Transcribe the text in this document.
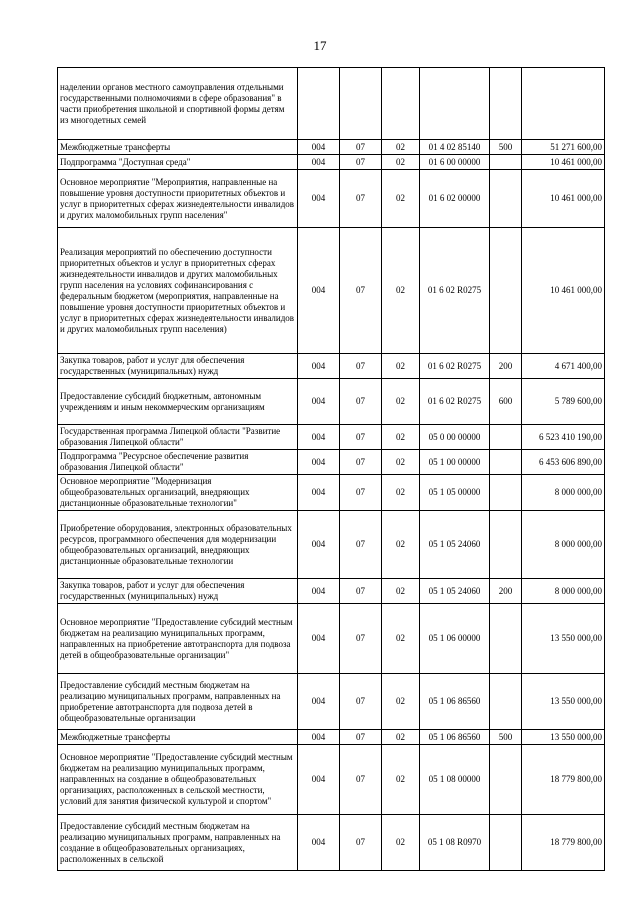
17
наделении органов местного самоуправления отдельными государственными полномочиями в сфере образования" в части приобретения школьной и спортивной формы детям из многодетных семей						
Межбюджетные трансферты	004	07	02	01 4 02 85140	500	51 271 600,00
Подпрограмма "Доступная среда"	004	07	02	01 6 00 00000		10 461 000,00
Основное мероприятие "Мероприятия, направленные на повышение уровня доступности приоритетных объектов и услуг в приоритетных сферах жизнедеятельности инвалидов и других маломобильных групп населения"	004	07	02	01 6 02 00000		10 461 000,00
Реализация мероприятий по обеспечению доступности приоритетных объектов и услуг в приоритетных сферах жизнедеятельности инвалидов и других маломобильных групп населения на условиях софинансирования с федеральным бюджетом (мероприятия, направленные на повышение уровня доступности приоритетных объектов и услуг в приоритетных сферах жизнедеятельности инвалидов и других маломобильных групп населения)	004	07	02	01 6 02 R0275		10 461 000,00
Закупка товаров, работ и услуг для обеспечения государственных (муниципальных) нужд	004	07	02	01 6 02 R0275	200	4 671 400,00
Предоставление субсидий бюджетным, автономным учреждениям и иным некоммерческим организациям	004	07	02	01 6 02 R0275	600	5 789 600,00
Государственная программа Липецкой области "Развитие образования Липецкой области"	004	07	02	05 0 00 00000		6 523 410 190,00
Подпрограмма "Ресурсное обеспечение развития образования Липецкой области"	004	07	02	05 1 00 00000		6 453 606 890,00
Основное мероприятие "Модернизация общеобразовательных организаций, внедряющих дистанционные образовательные технологии"	004	07	02	05 1 05 00000		8 000 000,00
Приобретение оборудования, электронных образовательных ресурсов, программного обеспечения для модернизации общеобразовательных организаций, внедряющих дистанционные образовательные технологии	004	07	02	05 1 05 24060		8 000 000,00
Закупка товаров, работ и услуг для обеспечения государственных (муниципальных) нужд	004	07	02	05 1 05 24060	200	8 000 000,00
Основное мероприятие "Предоставление субсидий местным бюджетам на реализацию муниципальных программ, направленных на приобретение автотранспорта для подвоза детей в общеобразовательные организации"	004	07	02	05 1 06 00000		13 550 000,00
Предоставление субсидий местным бюджетам на реализацию муниципальных программ, направленных на приобретение автотранспорта для подвоза детей в общеобразовательные организации	004	07	02	05 1 06 86560		13 550 000,00
Межбюджетные трансферты	004	07	02	05 1 06 86560	500	13 550 000,00
Основное мероприятие "Предоставление субсидий местным бюджетам на реализацию муниципальных программ, направленных на создание в общеобразовательных организациях, расположенных в сельской местности, условий для занятия физической культурой и спортом"	004	07	02	05 1 08 00000		18 779 800,00
Предоставление субсидий местным бюджетам на реализацию муниципальных программ, направленных на создание в общеобразовательных организациях, расположенных в сельской	004	07	02	05 1 08 R0970		18 779 800,00
